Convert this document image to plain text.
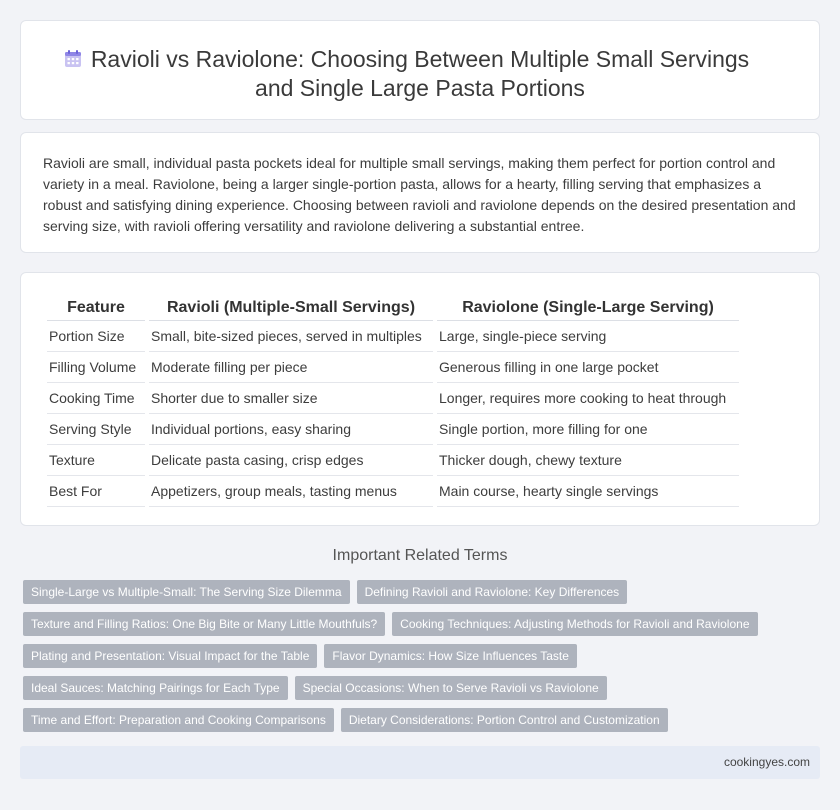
Ravioli vs Raviolone: Choosing Between Multiple Small Servings and Single Large Pasta Portions

Ravioli are small, individual pasta pockets ideal for multiple small servings, making them perfect for portion control and variety in a meal. Raviolone, being a larger single-portion pasta, allows for a hearty, filling serving that emphasizes a robust and satisfying dining experience. Choosing between ravioli and raviolone depends on the desired presentation and serving size, with ravioli offering versatility and raviolone delivering a substantial entree.

Feature	Ravioli (Multiple-Small Servings)	Raviolone (Single-Large Serving)
Portion Size	Small, bite-sized pieces, served in multiples	Large, single-piece serving
Filling Volume	Moderate filling per piece	Generous filling in one large pocket
Cooking Time	Shorter due to smaller size	Longer, requires more cooking to heat through
Serving Style	Individual portions, easy sharing	Single portion, more filling for one
Texture	Delicate pasta casing, crisp edges	Thicker dough, chewy texture
Best For	Appetizers, group meals, tasting menus	Main course, hearty single servings
Important Related Terms
Single-Large vs Multiple-Small: The Serving Size Dilemma	Defining Ravioli and Raviolone: Key Differences
Texture and Filling Ratios: One Big Bite or Many Little Mouthfuls?	Cooking Techniques: Adjusting Methods for Ravioli and Raviolone
Plating and Presentation: Visual Impact for the Table	Flavor Dynamics: How Size Influences Taste
Ideal Sauces: Matching Pairings for Each Type	Special Occasions: When to Serve Ravioli vs Raviolone
Time and Effort: Preparation and Cooking Comparisons	Dietary Considerations: Portion Control and Customization
cookingyes.com
